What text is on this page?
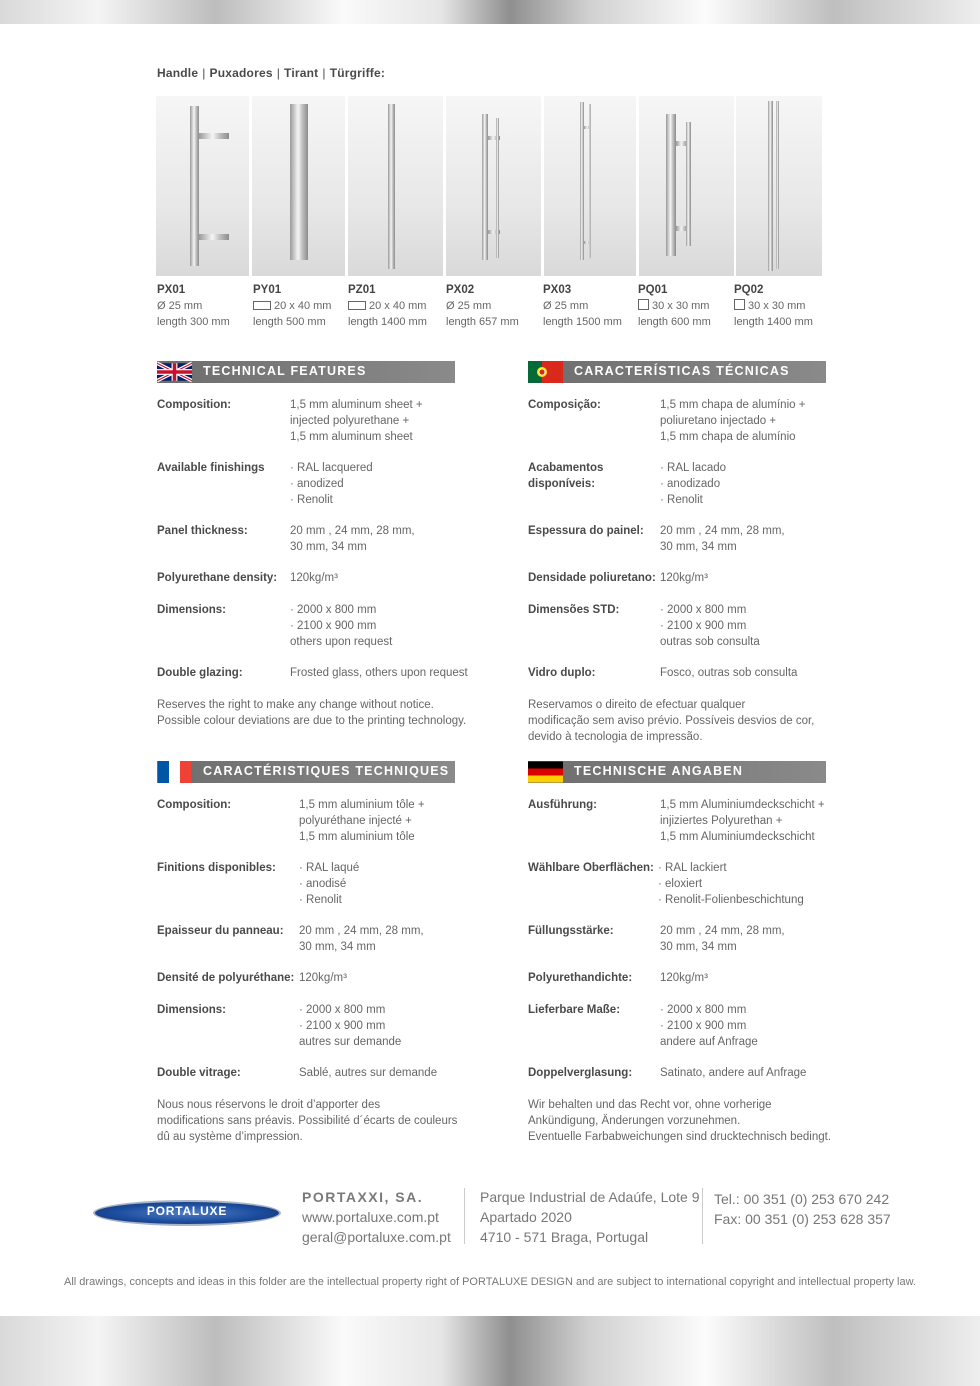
Handle | Puxadores | Tirant | Türgriffe:
PX01
Ø 25 mm
length 300 mm
PY01
20 x 40 mm
length 500 mm
PZ01
20 x 40 mm
length 1400 mm
PX02
Ø 25 mm
length 657 mm
PX03
Ø 25 mm
length 1500 mm
PQ01
30 x 30 mm
length 600 mm
PQ02
30 x 30 mm
length 1400 mm
TECHNICAL FEATURES
Composition:	1,5 mm aluminum sheet +
injected polyurethane +
1,5 mm aluminum sheet
Available finishings · RAL lacquered
· anodized
· Renolit
Panel thickness:	20 mm , 24 mm, 28 mm,
30 mm, 34 mm
Polyurethane density: 120kg/m³
Dimensions:	· 2000 x 800 mm
· 2100 x 900 mm
others upon request
Double glazing:	Frosted glass, others upon request
Reserves the right to make any change without notice.
Possible colour deviations are due to the printing technology.
CARACTERÍSTICAS TÉCNICAS
Composição:	1,5 mm chapa de alumínio +
poliuretano injectado +
1,5 mm chapa de alumínio
Acabamentos
disponíveis:
· RAL lacado
· anodizado
· Renolit
Espessura do painel: 20 mm , 24 mm, 28 mm,
30 mm, 34 mm
Densidade poliuretano: 120kg/m³
Dimensões STD:	· 2000 x 800 mm
· 2100 x 900 mm
outras sob consulta
Vidro duplo:	Fosco, outras sob consulta
Reservamos o direito de efectuar qualquer
modificação sem aviso prévio. Possíveis desvios de cor,
devido à tecnologia de impressão.
CARACTÉRISTIQUES TECHNIQUES
Composition:	1,5 mm aluminium tôle +
polyuréthane injecté +
1,5 mm aluminium tôle
Finitions disponibles: · RAL laqué
· anodisé
· Renolit
Epaisseur du panneau: 20 mm , 24 mm, 28 mm,
30 mm, 34 mm
Densité de polyuréthane: 120kg/m³
Dimensions:	· 2000 x 800 mm
· 2100 x 900 mm
autres sur demande
Double vitrage:	Sablé, autres sur demande
Nous nous réservons le droit d’apporter des
modifications sans préavis. Possibilité d´écarts de couleurs
dû au système d’impression.
TECHNISCHE ANGABEN
Ausführung:	1,5 mm Aluminiumdeckschicht +
injiziertes Polyurethan +
1,5 mm Aluminiumdeckschicht
Wählbare Oberflächen: · RAL lackiert
· eloxiert
· Renolit-Folienbeschichtung
Füllungsstärke:	20 mm , 24 mm, 28 mm,
30 mm, 34 mm
Polyurethandichte: 120kg/m³
Lieferbare Maße:	· 2000 x 800 mm
· 2100 x 900 mm
andere auf Anfrage
Doppelverglasung: Satinato, andere auf Anfrage
Wir behalten und das Recht vor, ohne vorherige
Ankündigung, Änderungen vorzunehmen.
Eventuelle Farbabweichungen sind drucktechnisch bedingt.
PORTALUXE
PORTAXXI, SA.
www.portaluxe.com.pt
geral@portaluxe.com.pt
Parque Industrial de Adaúfe, Lote 9
Apartado 2020
4710 - 571 Braga, Portugal
Tel.: 00 351 (0) 253 670 242
Fax: 00 351 (0) 253 628 357
All drawings, concepts and ideas in this folder are the intellectual property right of PORTALUXE DESIGN and are subject to international copyright and intellectual property law.
